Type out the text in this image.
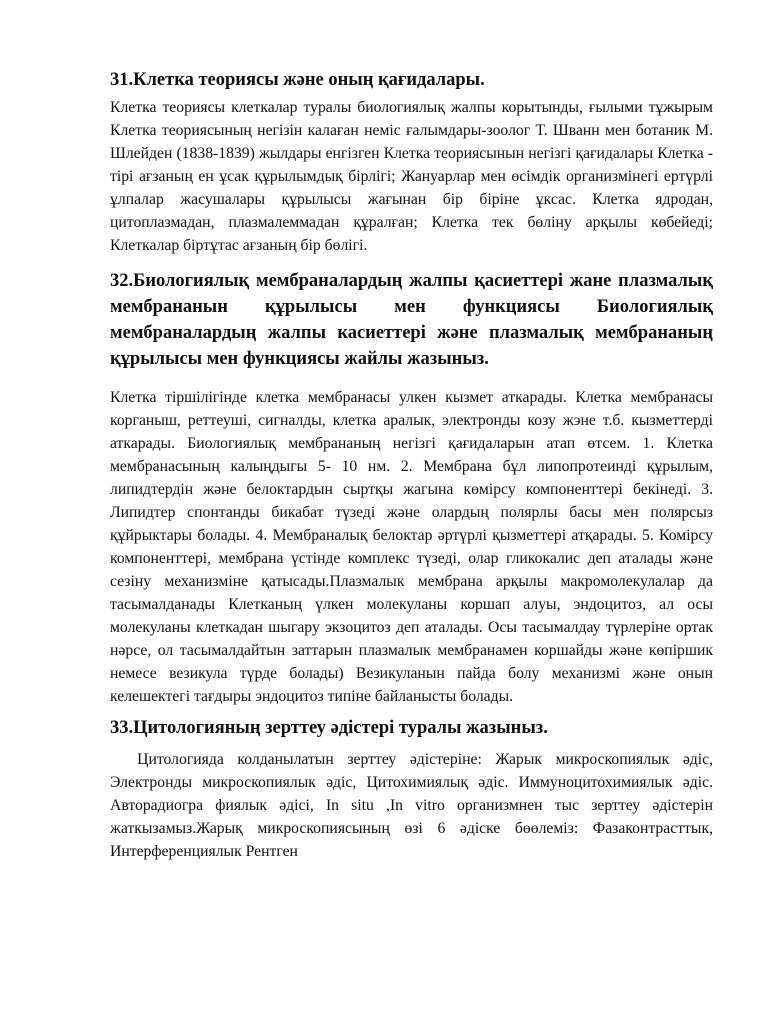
31.Клетка теориясы және оның қағидалары.

Клетка теориясы клеткалар туралы биологиялық жалпы корытынды, ғылыми тұжырым Клетка теориясының негізін калаған неміс ғалымдары-зоолог Т. Шванн мен ботаник М. Шлейден (1838-1839) жылдары енгізген Клетка теориясынын негізгі қағидалары Клетка - тірі ағзаның ен ұсак құрылымдық бірлігі; Жануарлар мен өсімдік организмінегі ертүрлі ұлпалар жасушалары құрылысы жағынан бір біріне ұксас. Клетка ядродан, цитоплазмадан, плазмалеммадан құралған; Клетка тек бөліну арқылы көбейеді; Клеткалар біртұтас ағзаның бір бөлігі.

32.Биологиялық мембраналардың жалпы қасиеттері жане плазмалық мембрананын құрылысы мен функциясы Биологиялық мембраналардың жалпы касиеттері және плазмалық мембрананың құрылысы мен функциясы жайлы жазыныз.

Клетка тіршілігінде клетка мембранасы улкен кызмет аткарады. Клетка мембранасы корганыш, реттеуші, сигналды, клетка аралык, электронды козу жэне т.б. кызметтерді аткарады. Биологиялық мембрананың негізгі қағидаларын атап өтсем. 1. Клетка мембранасының калыңдыгы 5- 10 нм. 2. Мембрана бұл липопротеинді құрылым, липидтердін және белоктардын сыртқы жагына көмірсу компоненттері бекінеді. 3. Липидтер спонтанды бикабат түзеді және олардың полярлы басы мен полярсыз құйрыктары болады. 4. Мембраналық белоктар әртүрлі қызметтері атқарады. 5. Комірсу компоненттері, мембрана үстінде комплекс түзеді, олар гликокалис деп аталады және сезіну механизміне қатысады.Плазмалык мембрана арқылы макромолекулалар да тасымалданады Клетканың үлкен молекуланы коршап алуы, эндоцитоз, ал осы молекуланы клеткадан шыгару экзоцитоз деп аталады. Осы тасымалдау түрлеріне ортак нәрсе, ол тасымалдайтын заттарын плазмалык мембранамен коршайды және көпіршик немесе везикула түрде болады) Везикуланын пайда болу механизмі және онын келешектегі тағдыры эндоцитоз типіне байланысты болады.

33.Цитологияның зерттеу әдістері туралы жазыныз.

Цитологияда колданылатын зерттеу әдістеріне: Жарык микроскопиялык әдіс, Электронды микроскопиялык әдіс, Цитохимиялық әдіс. Иммуноцитохимиялык әдіс. Авторадиогра фиялык әдісі, In situ ,In vitro организмнен тыс зерттеу әдістерін жаткызамыз.Жарық микроскопиясының өзі 6 әдіске бөөлеміз: Фазаконтрасттык, Интерференциялык Рентген
